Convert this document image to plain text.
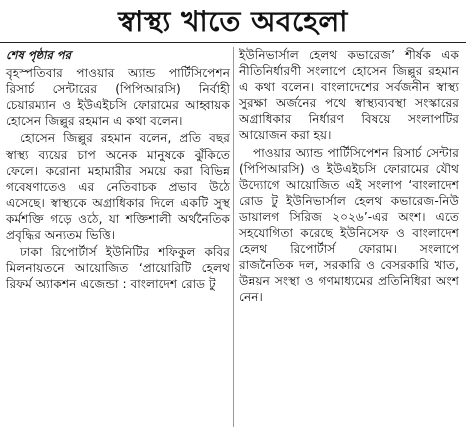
স্বাস্থ্য খাতে অবহেলা
শেষ পৃষ্ঠার পর

বৃহস্পতিবার পাওয়ার অ্যান্ড পার্টিসিপেশন রিসার্চ সেন্টারের (পিপিআরসি) নির্বাহী চেয়ারম্যান ও ইউএইচসি ফোরামের আহ্বায়ক হোসেন জিল্লুর রহমান এ কথা বলেন।

হোসেন জিল্লুর রহমান বলেন, প্রতি বছর স্বাস্থ্য ব্যয়ের চাপ অনেক মানুষকে ঝুঁকিতে ফেলে। করোনা মহামারীর সময়ে করা বিভিন্ন গবেষণাতেও এর নেতিবাচক প্রভাব উঠে এসেছে। স্বাস্থ্যকে অগ্রাধিকার দিলে একটি সুস্থ কর্মশক্তি গড়ে ওঠে, যা শক্তিশালী অর্থনৈতিক প্রবৃদ্ধির অন্যতম ভিত্তি।

ঢাকা রিপোর্টার্স ইউনিটির শফিকুল কবির মিলনায়তনে আয়োজিত ‘প্রায়োরিটি হেলথ রিফর্ম অ্যাকশন এজেন্ডা : বাংলাদেশ রোড টু

ইউনিভার্সাল হেলথ কভারেজ’ শীর্ষক এক নীতিনির্ধারণী সংলাপে হোসেন জিল্লুর রহমান এ কথা বলেন। বাংলাদেশের সর্বজনীন স্বাস্থ্য সুরক্ষা অর্জনের পথে স্বাস্থ্যব্যবস্থা সংস্কারের অগ্রাধিকার নির্ধারণ বিষয়ে সংলাপটির আয়োজন করা হয়।

পাওয়ার অ্যান্ড পার্টিসিপেশন রিসার্চ সেন্টার (পিপিআরসি) ও ইউএইচসি ফোরামের যৌথ উদ্যোগে আয়োজিত এই সংলাপ ‘বাংলাদেশ রোড টু ইউনিভার্সাল হেলথ কভারেজ-নিউ ডায়ালগ সিরিজ ২০২৬’-এর অংশ। এতে সহযোগিতা করেছে ইউনিসেফ ও বাংলাদেশ হেলথ রিপোর্টার্স ফোরাম। সংলাপে রাজনৈতিক দল, সরকারি ও বেসরকারি খাত, উন্নয়ন সংস্থা ও গণমাধ্যমের প্রতিনিধিরা অংশ নেন।
